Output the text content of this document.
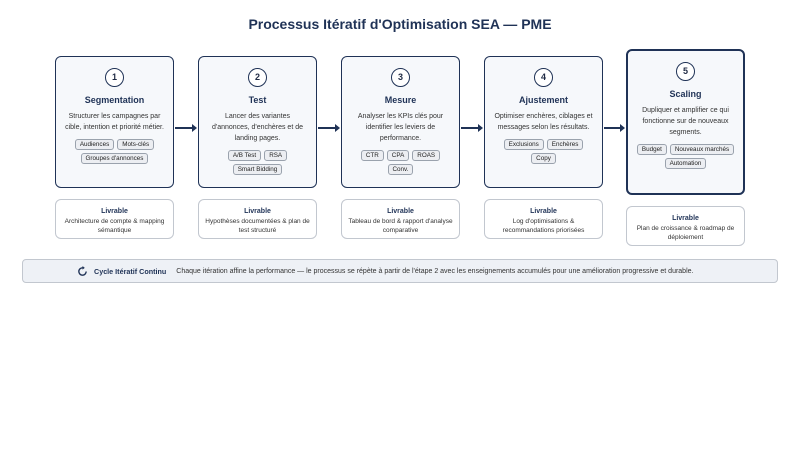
Processus Itératif d'Optimisation SEA — PME
1
Segmentation
Structurer les campagnes par cible, intention et priorité métier.
Audiences	Mots-clés
Groupes d'annonces
2
Test
Lancer des variantes d'annonces, d'enchères et de landing pages.
A/B Test	RSA
Smart Bidding
3
Mesure
Analyser les KPIs clés pour identifier les leviers de performance.
CTR	CPA	ROAS
Conv.
4
Ajustement
Optimiser enchères, ciblages et messages selon les résultats.
Exclusions	Enchères
Copy
5
Scaling
Dupliquer et amplifier ce qui fonctionne sur de nouveaux segments.
Budget	Nouveaux marchés
Automation
Livrable
Architecture de compte & mapping sémantique
Livrable
Hypothèses documentées & plan de test structuré
Livrable
Tableau de bord & rapport d'analyse comparative
Livrable
Log d'optimisations & recommandations priorisées
Livrable
Plan de croissance & roadmap de déploiement
Cycle Itératif Continu Chaque itération affine la performance — le processus se répète à partir de l'étape 2 avec les enseignements accumulés pour une amélioration progressive et durable.
